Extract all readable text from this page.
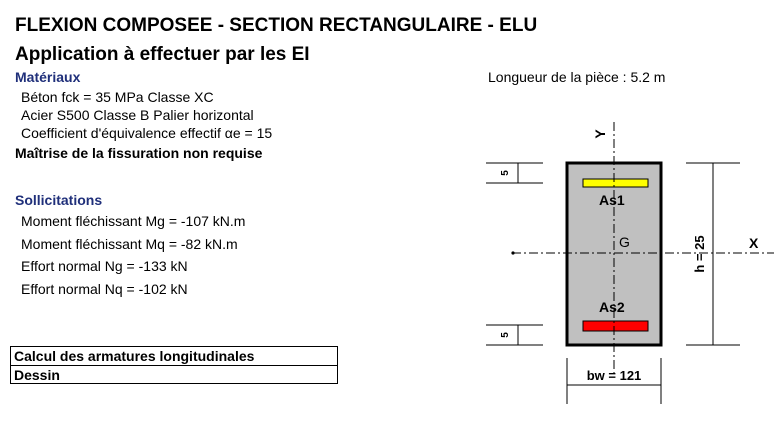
FLEXION COMPOSEE - SECTION RECTANGULAIRE - ELU
Application à effectuer par les EI
Matériaux
Béton fck = 35 MPa Classe XC
Acier S500 Classe B Palier horizontal
Coefficient d'équivalence effectif αe = 15
Maîtrise de la fissuration non requise
Sollicitations
Moment fléchissant Mg = -107 kN.m
Moment fléchissant Mq = -82 kN.m
Effort normal Ng = -133 kN
Effort normal Nq = -102 kN
Longueur de la pièce : 5.2 m
Calcul des armatures longitudinales
Dessin
Y
X
G
As1
As2
5
5
h = 25
bw = 121
